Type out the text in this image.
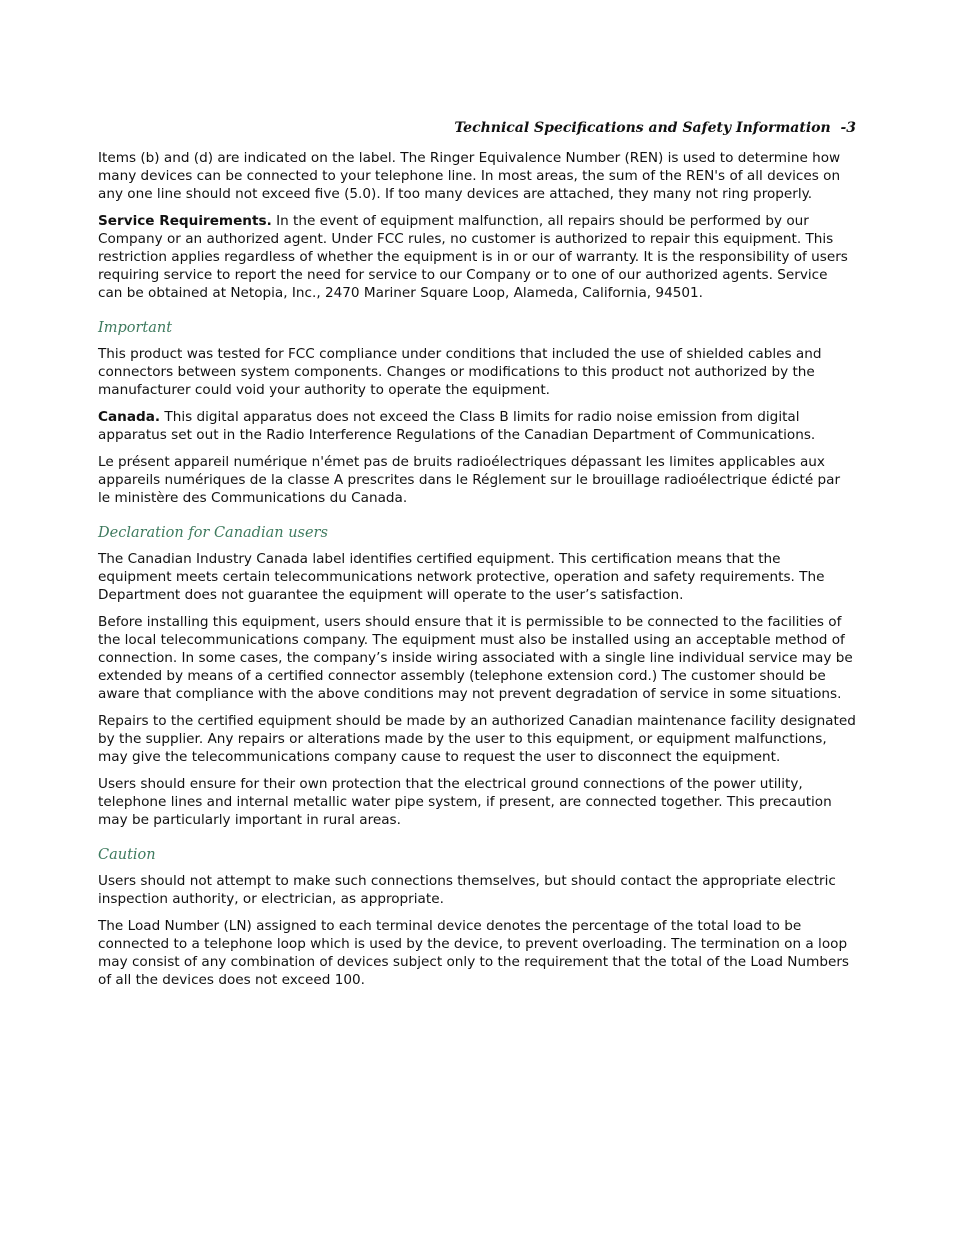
Technical Specifications and Safety Information -3

Items (b) and (d) are indicated on the label. The Ringer Equivalence Number (REN) is used to determine how many devices can be connected to your telephone line. In most areas, the sum of the REN's of all devices on any one line should not exceed five (5.0). If too many devices are attached, they many not ring properly.

Service Requirements. In the event of equipment malfunction, all repairs should be performed by our Company or an authorized agent. Under FCC rules, no customer is authorized to repair this equipment. This restriction applies regardless of whether the equipment is in or our of warranty. It is the responsibility of users requiring service to report the need for service to our Company or to one of our authorized agents. Service can be obtained at Netopia, Inc., 2470 Mariner Square Loop, Alameda, California, 94501.

Important

This product was tested for FCC compliance under conditions that included the use of shielded cables and connectors between system components. Changes or modifications to this product not authorized by the manufacturer could void your authority to operate the equipment.

Canada. This digital apparatus does not exceed the Class B limits for radio noise emission from digital apparatus set out in the Radio Interference Regulations of the Canadian Department of Communications.

Le présent appareil numérique n'émet pas de bruits radioélectriques dépassant les limites applicables aux appareils numériques de la classe A prescrites dans le Réglement sur le brouillage radioélectrique édicté par le ministère des Communications du Canada.

Declaration for Canadian users

The Canadian Industry Canada label identifies certified equipment. This certification means that the equipment meets certain telecommunications network protective, operation and safety requirements. The Department does not guarantee the equipment will operate to the user’s satisfaction.

Before installing this equipment, users should ensure that it is permissible to be connected to the facilities of the local telecommunications company. The equipment must also be installed using an acceptable method of connection. In some cases, the company’s inside wiring associated with a single line individual service may be extended by means of a certified connector assembly (telephone extension cord.) The customer should be aware that compliance with the above conditions may not prevent degradation of service in some situations.

Repairs to the certified equipment should be made by an authorized Canadian maintenance facility designated by the supplier. Any repairs or alterations made by the user to this equipment, or equipment malfunctions, may give the telecommunications company cause to request the user to disconnect the equipment.

Users should ensure for their own protection that the electrical ground connections of the power utility, telephone lines and internal metallic water pipe system, if present, are connected together. This precaution may be particularly important in rural areas.

Caution

Users should not attempt to make such connections themselves, but should contact the appropriate electric inspection authority, or electrician, as appropriate.

The Load Number (LN) assigned to each terminal device denotes the percentage of the total load to be connected to a telephone loop which is used by the device, to prevent overloading. The termination on a loop may consist of any combination of devices subject only to the requirement that the total of the Load Numbers of all the devices does not exceed 100.
